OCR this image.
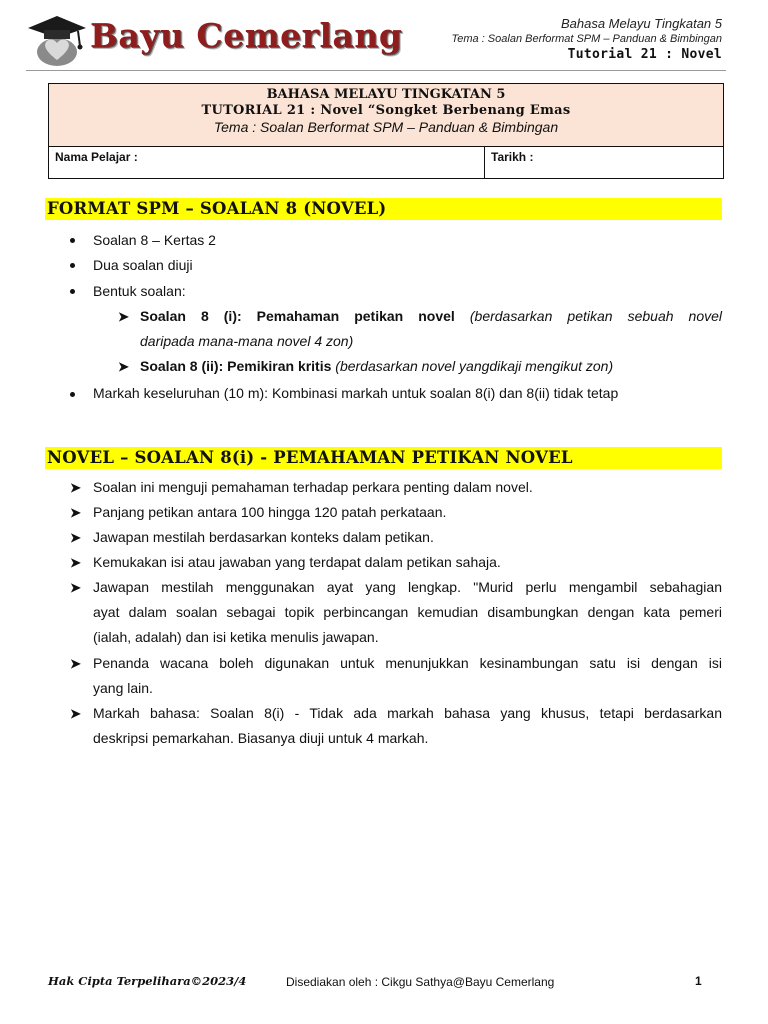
Bayu Cemerlang	Bahasa Melayu Tingkatan 5
Tema : Soalan Berformat SPM – Panduan & Bimbingan
Tutorial 21 : Novel
BAHASA MELAYU TINGKATAN 5
TUTORIAL 21 : Novel “Songket Berbenang Emas
Tema : Soalan Berformat SPM – Panduan & Bimbingan
Nama Pelajar :	Tarikh :
FORMAT SPM – SOALAN 8 (NOVEL)
Soalan 8 – Kertas 2
Dua soalan diuji
Bentuk soalan:
➤ Soalan 8 (i): Pemahaman petikan novel (berdasarkan petikan sebuah novel
daripada mana-mana novel 4 zon)
➤ Soalan 8 (ii): Pemikiran kritis (berdasarkan novel yangdikaji mengikut zon)
Markah keseluruhan (10 m): Kombinasi markah untuk soalan 8(i) dan 8(ii) tidak tetap
NOVEL – SOALAN 8(i) - PEMAHAMAN PETIKAN NOVEL
➤ Soalan ini menguji pemahaman terhadap perkara penting dalam novel.
➤ Panjang petikan antara 100 hingga 120 patah perkataan.
➤ Jawapan mestilah berdasarkan konteks dalam petikan.
➤ Kemukakan isi atau jawaban yang terdapat dalam petikan sahaja.
➤ Jawapan mestilah menggunakan ayat yang lengkap. "Murid perlu mengambil sebahagian
ayat dalam soalan sebagai topik perbincangan kemudian disambungkan dengan kata pemeri
(ialah, adalah) dan isi ketika menulis jawapan.
➤ Penanda wacana boleh digunakan untuk menunjukkan kesinambungan satu isi dengan isi
yang lain.
➤ Markah bahasa: Soalan 8(i) - Tidak ada markah bahasa yang khusus, tetapi berdasarkan
deskripsi pemarkahan. Biasanya diuji untuk 4 markah.
Hak Cipta Terpelihara©2023/4	Disediakan oleh : Cikgu Sathya@Bayu Cemerlang	1
